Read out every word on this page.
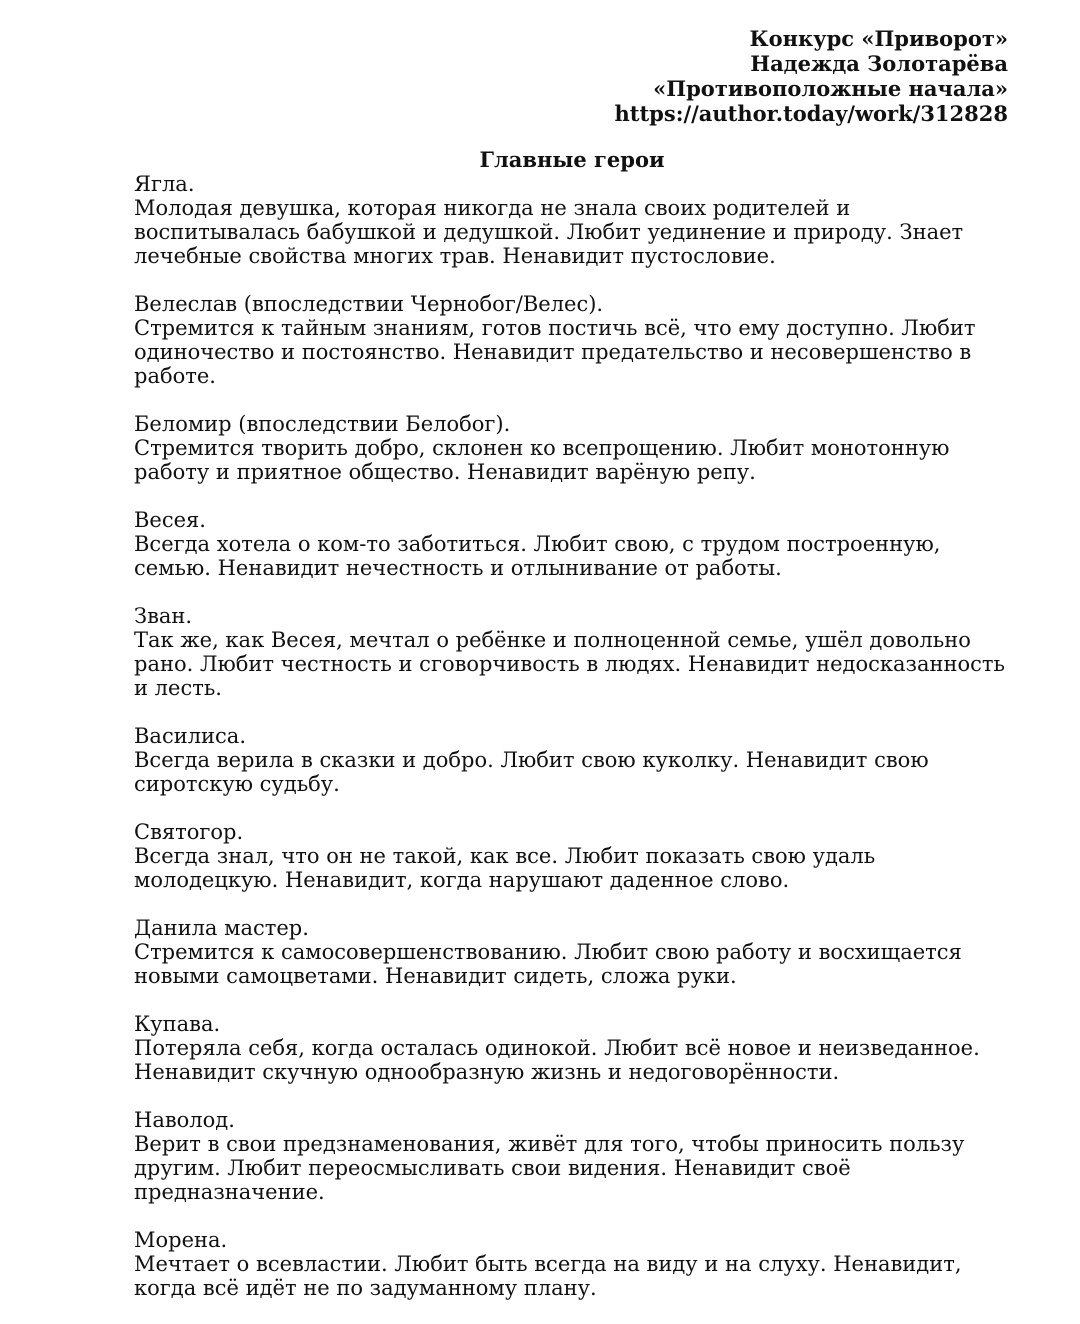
Конкурс «Приворот»
Надежда Золотарёва
«Противоположные начала»
https://author.today/work/312828
Главные герои
Ягла.
Молодая девушка, которая никогда не знала своих родителей и воспитывалась бабушкой и дедушкой. Любит уединение и природу. Знает лечебные свойства многих трав. Ненавидит пустословие.
Велеслав (впоследствии Чернобог/Велес).
Стремится к тайным знаниям, готов постичь всё, что ему доступно. Любит одиночество и постоянство. Ненавидит предательство и несовершенство в работе.
Беломир (впоследствии Белобог).
Стремится творить добро, склонен ко всепрощению. Любит монотонную работу и приятное общество. Ненавидит варёную репу.
Весея.
Всегда хотела о ком-то заботиться. Любит свою, с трудом построенную, семью. Ненавидит нечестность и отлынивание от работы.
Зван.
Так же, как Весея, мечтал о ребёнке и полноценной семье, ушёл довольно рано. Любит честность и сговорчивость в людях. Ненавидит недосказанность и лесть.
Василиса.
Всегда верила в сказки и добро. Любит свою куколку. Ненавидит свою сиротскую судьбу.
Святогор.
Всегда знал, что он не такой, как все. Любит показать свою удаль молодецкую. Ненавидит, когда нарушают даденное слово.
Данила мастер.
Стремится к самосовершенствованию. Любит свою работу и восхищается новыми самоцветами. Ненавидит сидеть, сложа руки.
Купава.
Потеряла себя, когда осталась одинокой. Любит всё новое и неизведанное. Ненавидит скучную однообразную жизнь и недоговорённости.
Наволод.
Верит в свои предзнаменования, живёт для того, чтобы приносить пользу другим. Любит переосмысливать свои видения. Ненавидит своё предназначение.
Морена.
Мечтает о всевластии. Любит быть всегда на виду и на слуху. Ненавидит, когда всё идёт не по задуманному плану.
